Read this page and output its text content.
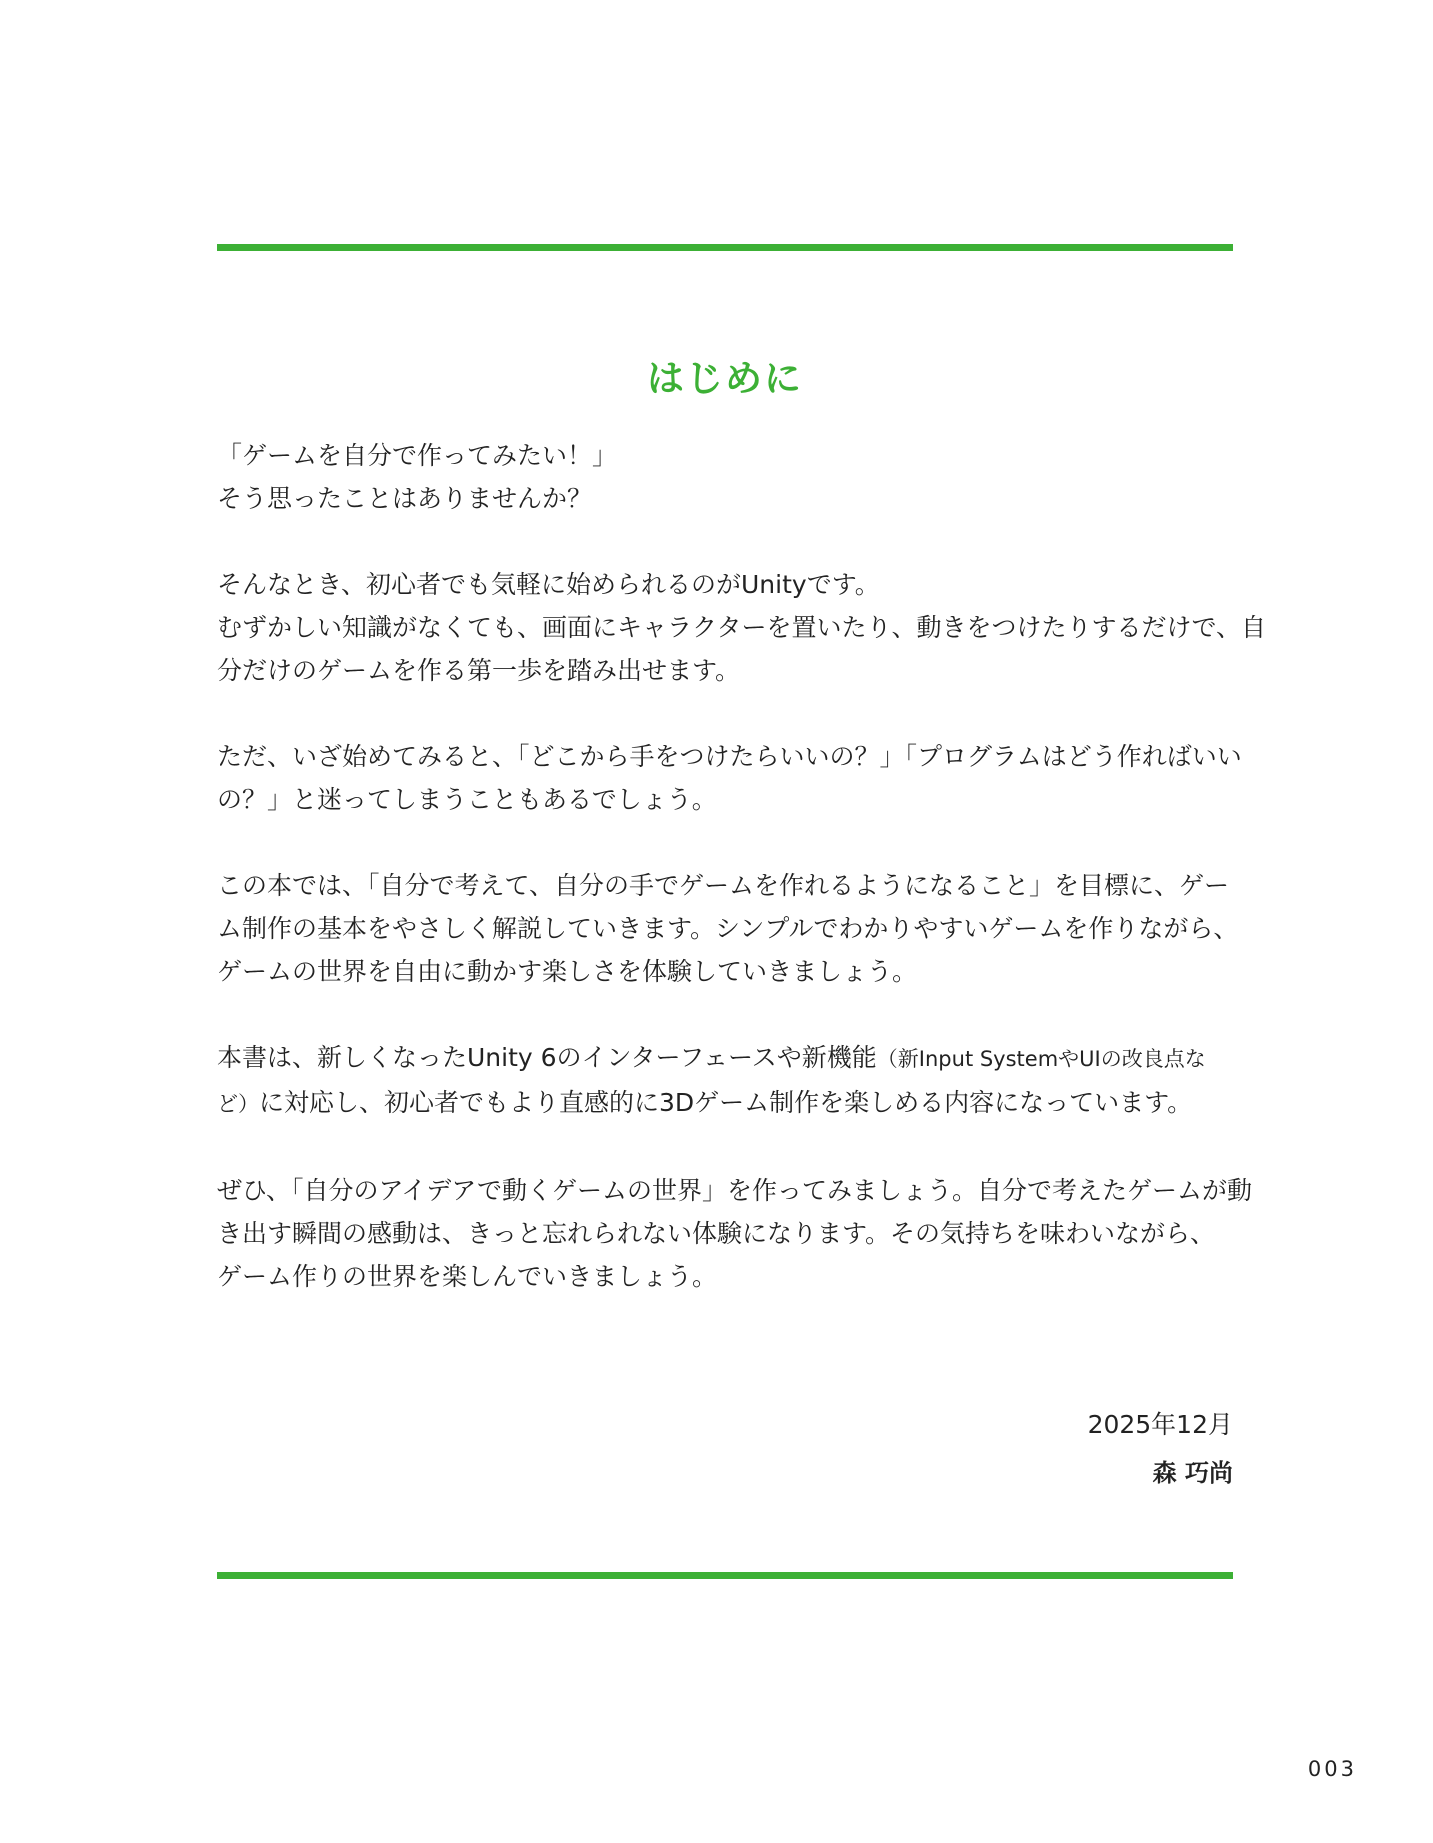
はじめに

「ゲームを自分で作ってみたい！」
そう思ったことはありませんか？

そんなとき、初心者でも気軽に始められるのがUnityです。
むずかしい知識がなくても、画面にキャラクターを置いたり、動きをつけたりするだけで、自
分だけのゲームを作る第一歩を踏み出せます。

ただ、いざ始めてみると、「どこから手をつけたらいいの？」「プログラムはどう作ればいい
の？」と迷ってしまうこともあるでしょう。

この本では、「自分で考えて、自分の手でゲームを作れるようになること」を目標に、ゲー
ム制作の基本をやさしく解説していきます。シンプルでわかりやすいゲームを作りながら、
ゲームの世界を自由に動かす楽しさを体験していきましょう。

本書は、新しくなったUnity 6のインターフェースや新機能（新Input SystemやUIの改良点な
ど）に対応し、初心者でもより直感的に3Dゲーム制作を楽しめる内容になっています。

ぜひ、「自分のアイデアで動くゲームの世界」を作ってみましょう。自分で考えたゲームが動
き出す瞬間の感動は、きっと忘れられない体験になります。その気持ちを味わいながら、
ゲーム作りの世界を楽しんでいきましょう。

2025年12月
森 巧尚
003
